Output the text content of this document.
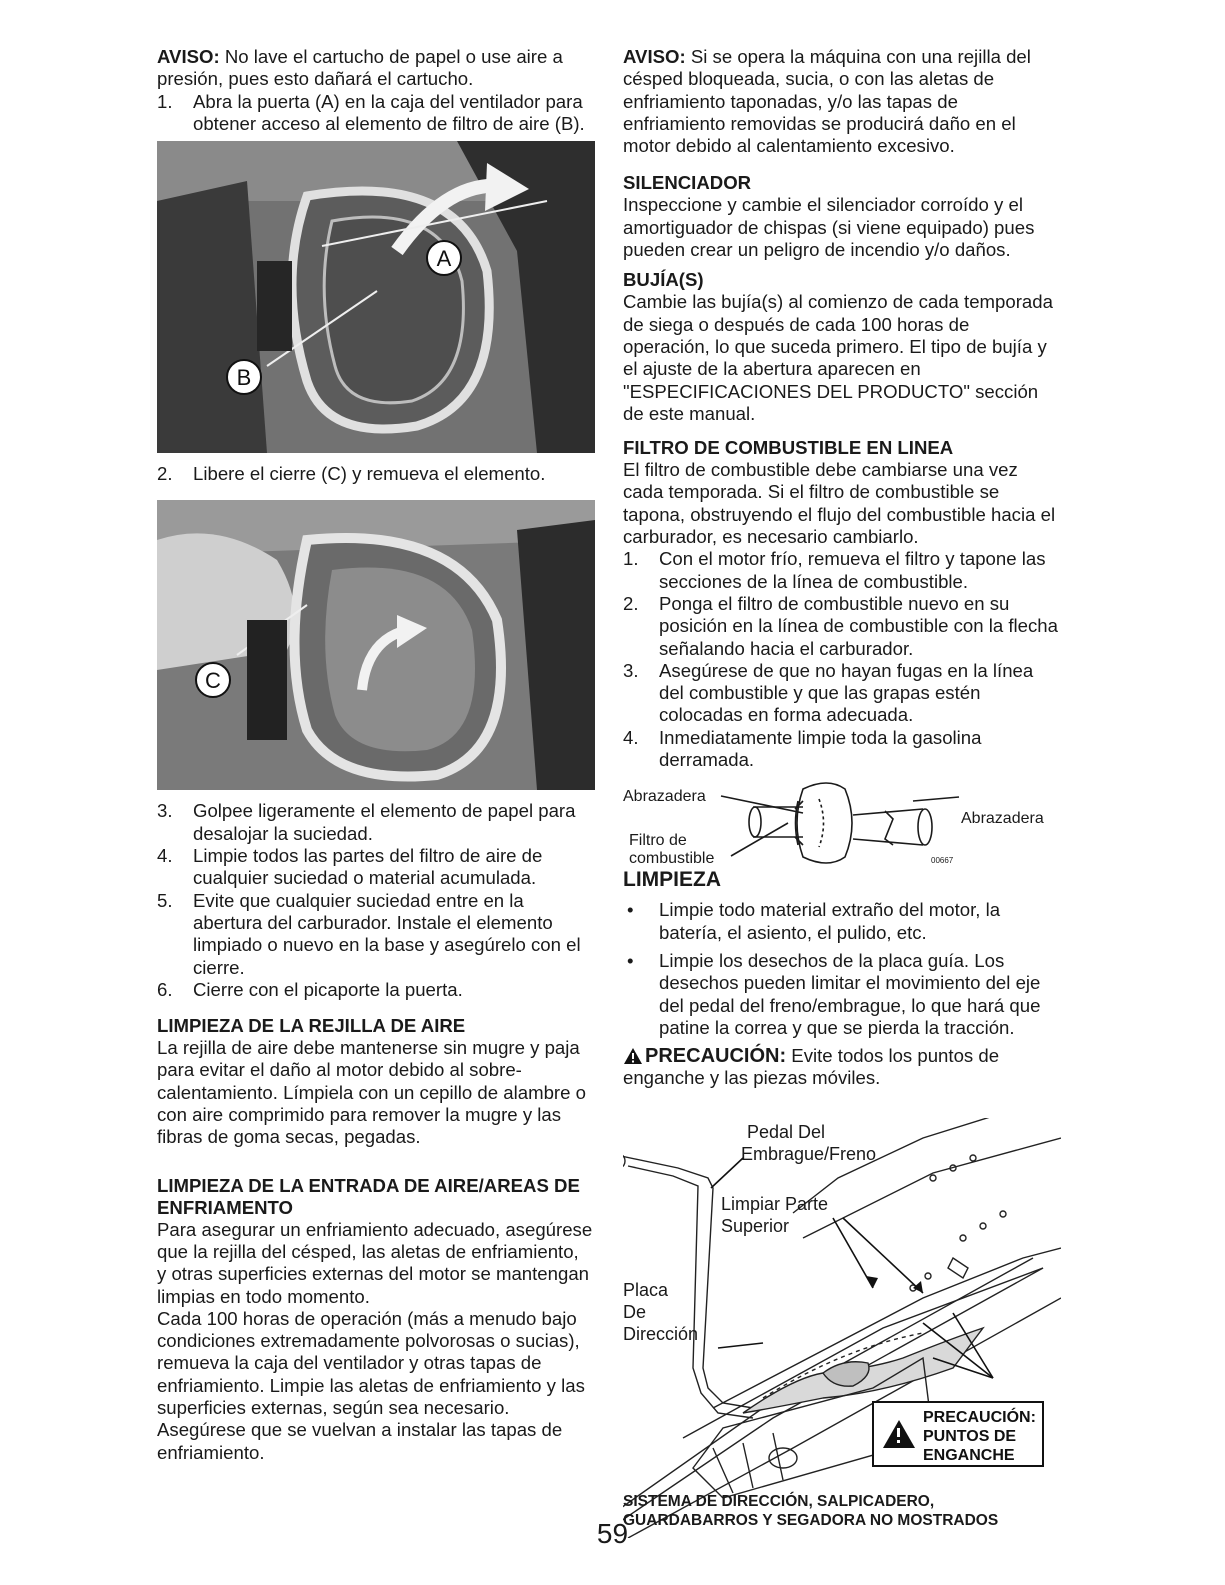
AVISO: No lave el cartucho de papel o use aire a presión, pues esto dañará el cartucho.

1. Abra la puerta (A) en la caja del ventilador para obtener acceso al elemento de filtro de aire (B).
A
B
2. Libere el cierre (C) y remueva el elemento.
C
3. Golpee ligeramente el elemento de papel para desalojar la suciedad.
4. Limpie todos las partes del filtro de aire de cualquier suciedad o material acumulada.
5. Evite que cualquier suciedad entre en la abertura del carburador. Instale el elemento limpiado o nuevo en la base y asegúrelo con el cierre.
6. Cierre con el picaporte la puerta.

LIMPIEZA DE LA REJILLA DE AIRE

La rejilla de aire debe mantenerse sin mugre y paja para evitar el daño al motor debido al sobre-calentamiento. Límpiela con un cepillo de alambre o con aire comprimido para remover la mugre y las fibras de goma secas, pegadas.

LIMPIEZA DE LA ENTRADA DE AIRE/AREAS DE ENFRIAMENTO

Para asegurar un enfriamiento adecuado, asegúrese que la rejilla del césped, las aletas de enfriamiento, y otras superficies externas del motor se mantengan limpias en todo momento.

Cada 100 horas de operación (más a menudo bajo condiciones extremadamente polvorosas o sucias), remueva la caja del ventilador y otras tapas de enfriamiento. Limpie las aletas de enfriamiento y las superficies externas, según sea necesario. Asegúrese que se vuelvan a instalar las tapas de enfriamiento.

AVISO: Si se opera la máquina con una rejilla del césped bloqueada, sucia, o con las aletas de enfriamiento taponadas, y/o las tapas de enfriamiento removidas se producirá daño en el motor debido al calentamiento excesivo.

SILENCIADOR

Inspeccione y cambie el silenciador corroído y el amortiguador de chispas (si viene equipado) pues pueden crear un peligro de incendio y/o daños.

BUJÍA(S)

Cambie las bujía(s) al comienzo de cada temporada de siega o después de cada 100 horas de operación, lo que suceda primero. El tipo de bujía y el ajuste de la abertura aparecen en "ESPECIFICACIONES DEL PRODUCTO" sección de este manual.

FILTRO DE COMBUSTIBLE EN LINEA

El filtro de combustible debe cambiarse una vez cada temporada. Si el filtro de combustible se tapona, obstruyendo el flujo del combustible hacia el carburador, es necesario cambiarlo.

1. Con el motor frío, remueva el filtro y tapone las secciones de la línea de combustible.
2. Ponga el filtro de combustible nuevo en su posición en la línea de combustible con la flecha señalando hacia el carburador.
3. Asegúrese de que no hayan fugas en la línea del combustible y que las grapas estén colocadas en forma adecuada.
4. Inmediatamente limpie toda la gasolina derramada.
Abrazadera
Abrazadera
Filtro de
combustible	00667

LIMPIEZA

• Limpie todo material extraño del motor, la batería, el asiento, el pulido, etc.
• Limpie los desechos de la placa guía. Los desechos pueden limitar el movimiento del eje del pedal del freno/embrague, lo que hará que patine la correa y que se pierda la tracción.

PRECAUCIÓN: Evite todos los puntos de enganche y las piezas móviles.

Pedal Del
Embrague/Freno
Limpiar Parte
Superior
Placa
De
Dirección
PRECAUCIÓN:
PUNTOS DE
ENGANCHE
SISTEMA DE DIRECCIÓN, SALPICADERO,
GUARDABARROS Y SEGADORA NO MOSTRADOS
59
